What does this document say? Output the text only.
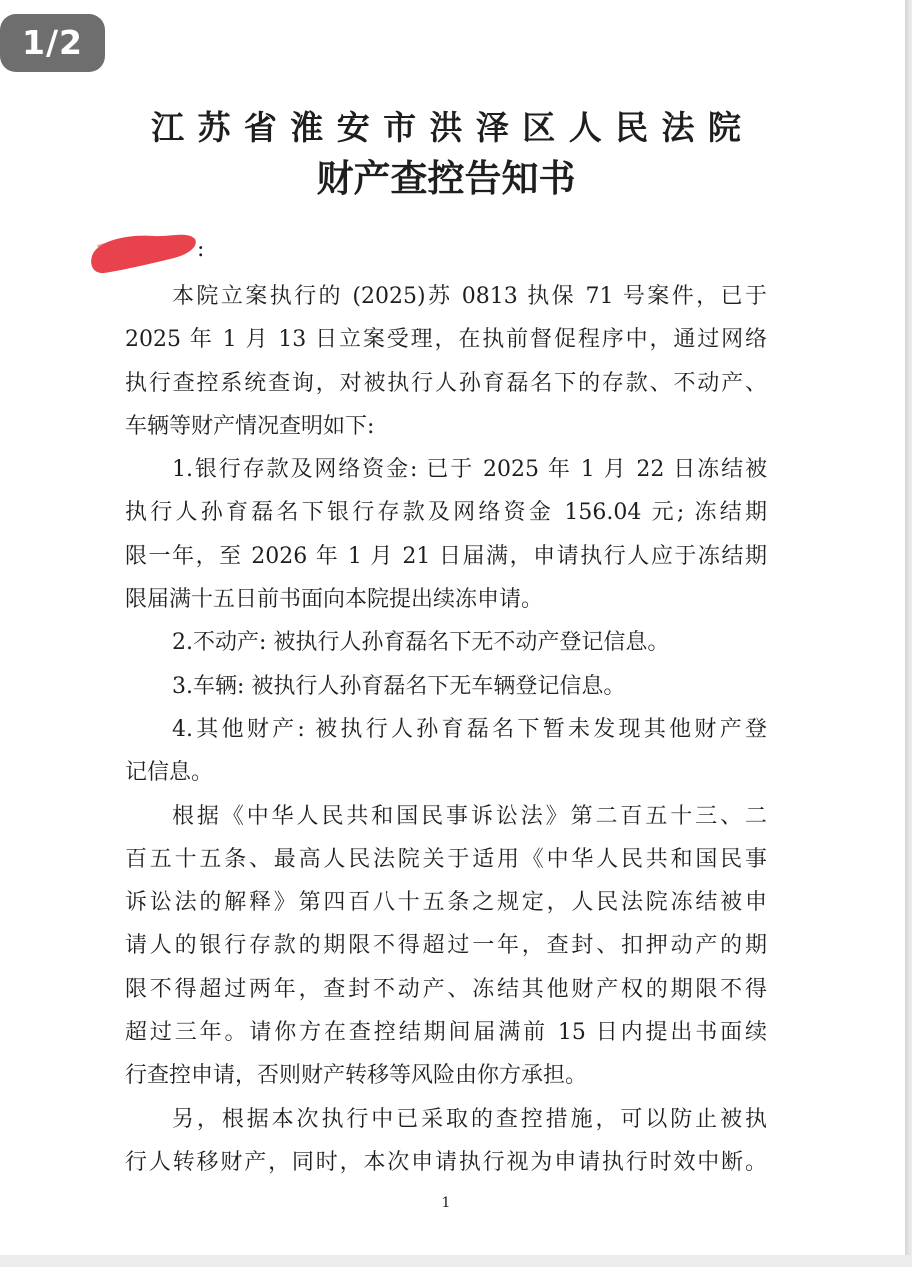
1/2
江苏省淮安市洪泽区人民法院
财产查控告知书
:
本院立案执行的 (2025)苏 0813 执保 71 号案件，已于
2025 年 1 月 13 日立案受理，在执前督促程序中，通过网络
执行查控系统查询，对被执行人孙育磊名下的存款、不动产、
车辆等财产情况查明如下:
1.银行存款及网络资金: 已于 2025 年 1 月 22 日冻结被
执行人孙育磊名下银行存款及网络资金 156.04 元; 冻结期
限一年，至 2026 年 1 月 21 日届满，申请执行人应于冻结期
限届满十五日前书面向本院提出续冻申请。
2.不动产: 被执行人孙育磊名下无不动产登记信息。
3.车辆: 被执行人孙育磊名下无车辆登记信息。
4.其他财产: 被执行人孙育磊名下暂未发现其他财产登
记信息。
根据《中华人民共和国民事诉讼法》第二百五十三、二
百五十五条、最高人民法院关于适用《中华人民共和国民事
诉讼法的解释》第四百八十五条之规定，人民法院冻结被申
请人的银行存款的期限不得超过一年，查封、扣押动产的期
限不得超过两年，查封不动产、冻结其他财产权的期限不得
超过三年。请你方在查控结期间届满前 15 日内提出书面续
行查控申请，否则财产转移等风险由你方承担。
另，根据本次执行中已采取的查控措施，可以防止被执
行人转移财产，同时，本次申请执行视为申请执行时效中断。
1
